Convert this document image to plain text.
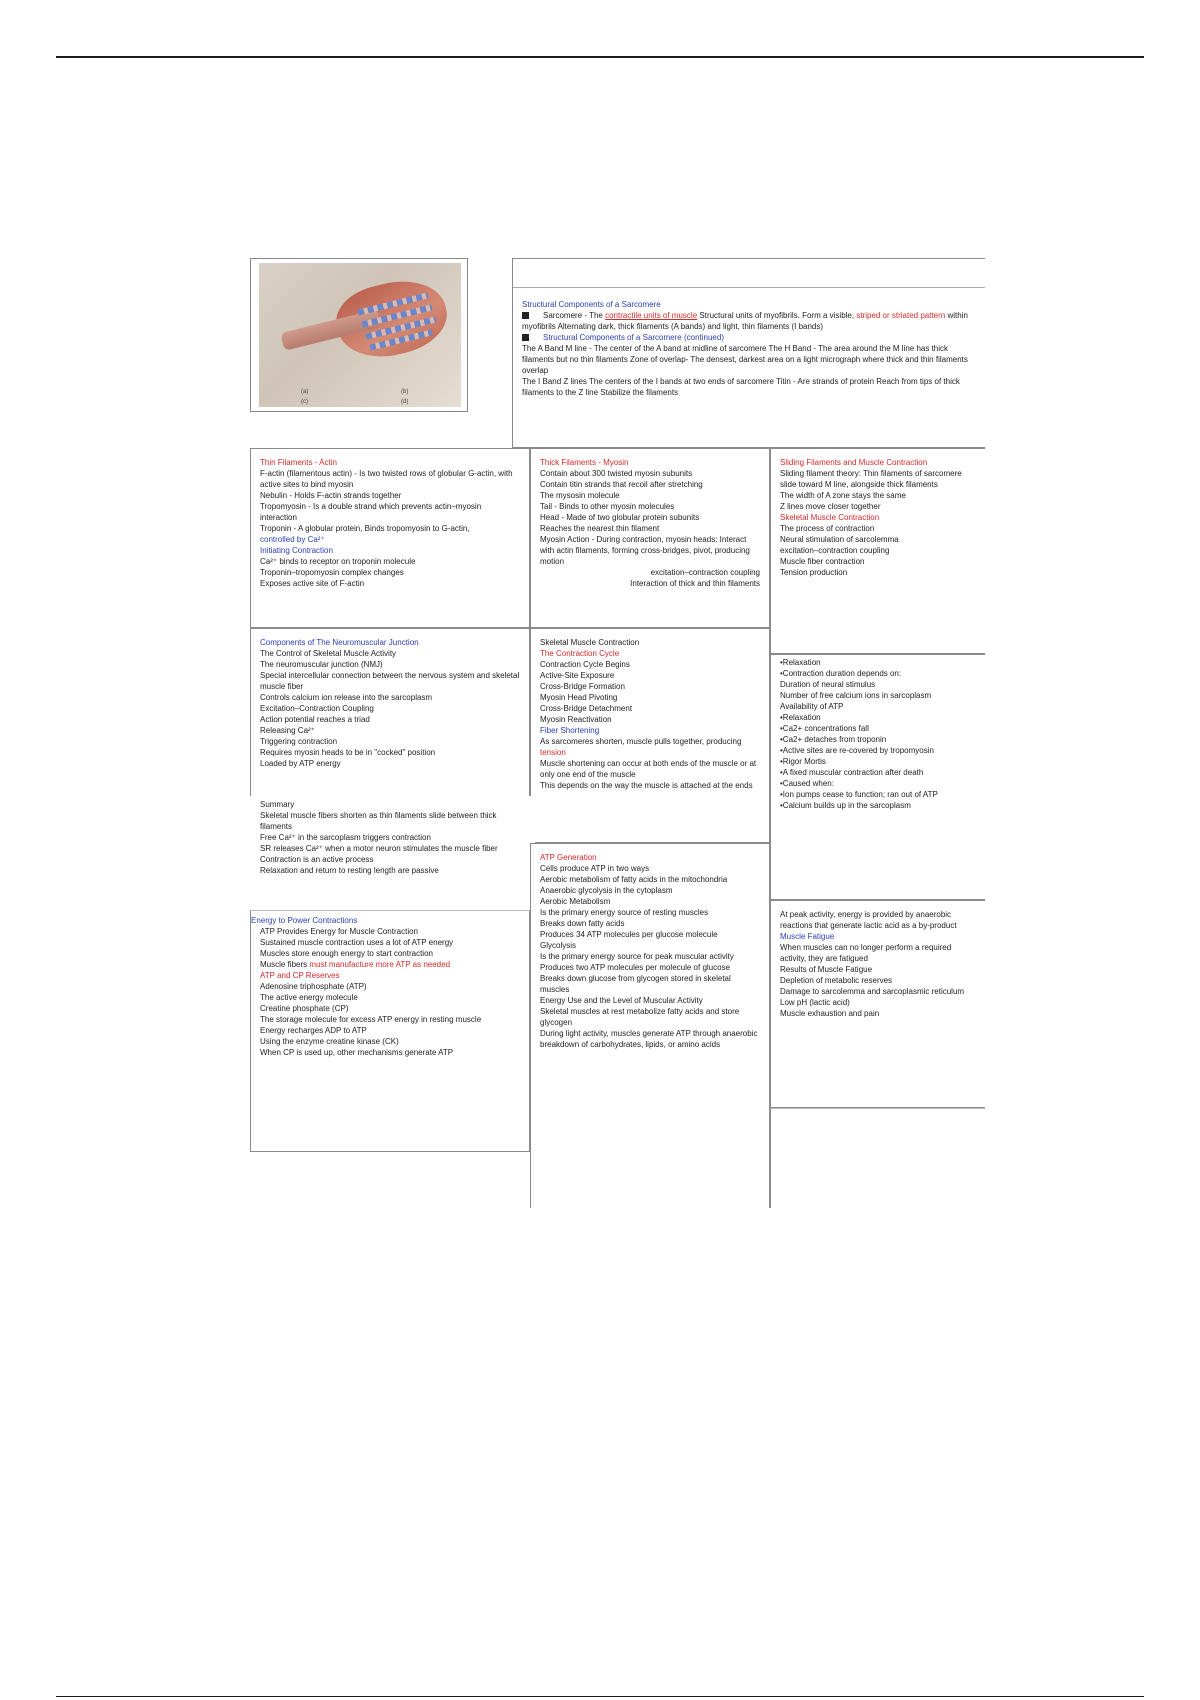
(a)	(b)
(c)	(d)
Structural Components of a Sarcomere
Sarcomere - The contractile units of muscle Structural units of myofibrils. Form a visible, striped or striated pattern within myofibrils Alternating dark, thick filaments (A bands) and light, thin filaments (I bands)
Structural Components of a Sarcomere (continued)
The A Band M line - The center of the A band at midline of sarcomere The H Band - The area around the M line has thick filaments but no thin filaments Zone of overlap- The densest, darkest area on a light micrograph where thick and thin filaments overlap
The I Band Z lines The centers of the I bands at two ends of sarcomere Titin - Are strands of protein Reach from tips of thick filaments to the Z line Stabilize the filaments
Thin Filaments - Actin
F-actin (filamentous actin) - Is two twisted rows of globular G-actin, with active sites to bind myosin
Nebulin - Holds F-actin strands together
Tropomyosin - Is a double strand which prevents actin–myosin interaction
Troponin - A globular protein, Binds tropomyosin to G-actin,
controlled by Ca²⁺
Initiating Contraction
Ca²⁺ binds to receptor on troponin molecule
Troponin–tropomyosin complex changes
Exposes active site of F-actin
Thick Filaments - Myosin
Contain about 300 twisted myosin subunits
Contain titin strands that recoil after stretching
The mysosin molecule
Tail - Binds to other myosin molecules
Head - Made of two globular protein subunits
Reaches the nearest thin filament
Myosin Action - During contraction, myosin heads: Interact with actin filaments, forming cross-bridges, pivot, producing motion
excitation–contraction coupling
Interaction of thick and thin filaments
Sliding Filaments and Muscle Contraction
Sliding filament theory: Thin filaments of sarcomere slide toward M line, alongside thick filaments
The width of A zone stays the same
Z lines move closer together
Skeletal Muscle Contraction
The process of contraction
Neural stimulation of sarcolemma
excitation–contraction coupling
Muscle fiber contraction
Tension production
Components of The Neuromuscular Junction
The Control of Skeletal Muscle Activity
The neuromuscular junction (NMJ)
Special intercellular connection between the nervous system and skeletal muscle fiber
Controls calcium ion release into the sarcoplasm
Excitation–Contraction Coupling
Action potential reaches a triad
Releasing Ca²⁺
Triggering contraction
Requires myosin heads to be in "cocked" position
Loaded by ATP energy
Skeletal Muscle Contraction
The Contraction Cycle
Contraction Cycle Begins
Active-Site Exposure
Cross-Bridge Formation
Myosin Head Pivoting
Cross-Bridge Detachment
Myosin Reactivation
Fiber Shortening
As sarcomeres shorten, muscle pulls together, producing
tension
Muscle shortening can occur at both ends of the muscle or at only one end of the muscle
This depends on the way the muscle is attached at the ends
•Relaxation
•Contraction duration depends on:
Duration of neural stimulus
Number of free calcium ions in sarcoplasm
Availability of ATP
•Relaxation
•Ca2+ concentrations fall
•Ca2+ detaches from troponin
•Active sites are re-covered by tropomyosin
•Rigor Mortis
•A fixed muscular contraction after death
•Caused when:
•Ion pumps cease to function; ran out of ATP
•Calcium builds up in the sarcoplasm
Summary
Skeletal muscle fibers shorten as thin filaments slide between thick filaments
Free Ca²⁺ in the sarcoplasm triggers contraction
SR releases Ca²⁺ when a motor neuron stimulates the muscle fiber
Contraction is an active process
Relaxation and return to resting length are passive
ATP Generation
Cells produce ATP in two ways
Aerobic metabolism of fatty acids in the mitochondria Anaerobic glycolysis in the cytoplasm
Aerobic Metabolism
Is the primary energy source of resting muscles
Breaks down fatty acids
Produces 34 ATP molecules per glucose molecule
Glycolysis
Is the primary energy source for peak muscular activity
Produces two ATP molecules per molecule of glucose
Breaks down glucose from glycogen stored in skeletal muscles
Energy Use and the Level of Muscular Activity
Skeletal muscles at rest metabolize fatty acids and store glycogen
During light activity, muscles generate ATP through anaerobic breakdown of carbohydrates, lipids, or amino acids
Energy to Power Contractions
ATP Provides Energy for Muscle Contraction
Sustained muscle contraction uses a lot of ATP energy
Muscles store enough energy to start contraction
Muscle fibers must manufacture more ATP as needed
ATP and CP Reserves
Adenosine triphosphate (ATP)
The active energy molecule
Creatine phosphate (CP)
The storage molecule for excess ATP energy in resting muscle
Energy recharges ADP to ATP
Using the enzyme creatine kinase (CK)
When CP is used up, other mechanisms generate ATP
At peak activity, energy is provided by anaerobic reactions that generate lactic acid as a by-product
Muscle Fatigue
When muscles can no longer perform a required activity, they are fatigued
Results of Muscle Fatigue
Depletion of metabolic reserves
Damage to sarcolemma and sarcoplasmic reticulum
Low pH (lactic acid)
Muscle exhaustion and pain
